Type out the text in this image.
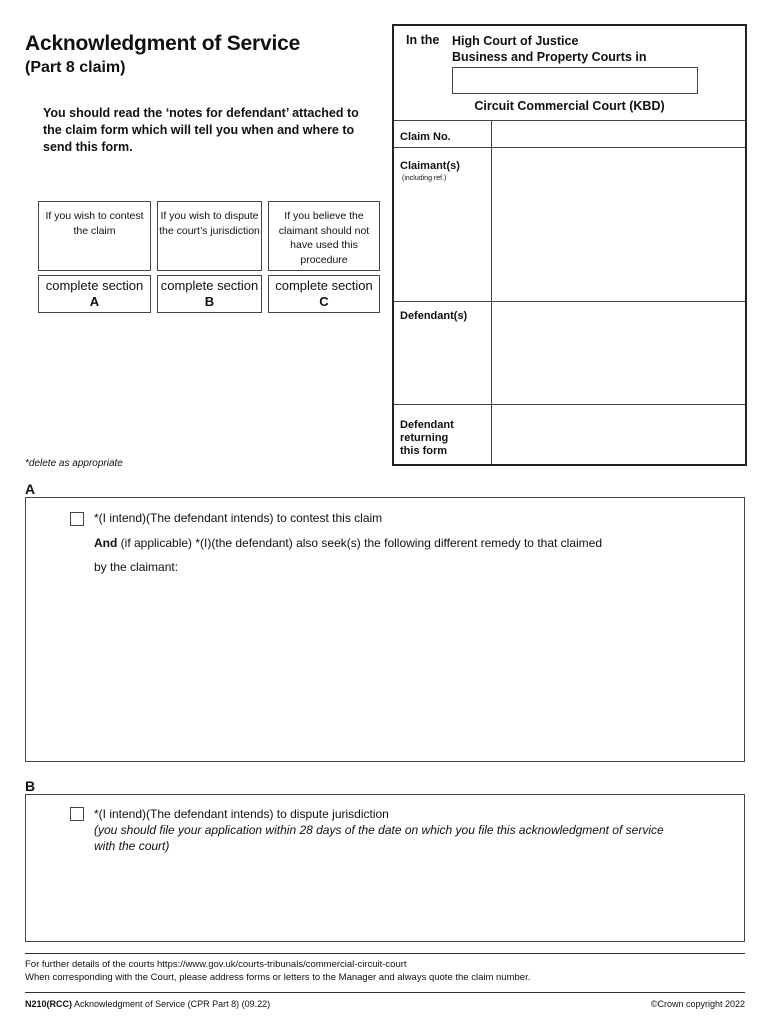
Acknowledgment of Service
(Part 8 claim)
You should read the ‘notes for defendant’ attached to the claim form which will tell you when and where to send this form.
If you wish to contest the claim
If you wish to dispute the court’s jurisdiction
If you believe the claimant should not have used this procedure
complete section
A
complete section
B
complete section
C
*delete as appropriate
In the High Court of Justice
Business and Property Courts in
Circuit Commercial Court (KBD)
Claim No.
Claimant(s)
(including ref.)
Defendant(s)
Defendant
returning
this form
A
*(I intend)(The defendant intends) to contest this claim
And (if applicable) *(I)(the defendant) also seek(s) the following different remedy to that claimed
by the claimant:
B
*(I intend)(The defendant intends) to dispute jurisdiction
(you should file your application within 28 days of the date on which you file this acknowledgment of service
with the court)
For further details of the courts https://www.gov.uk/courts-tribunals/commercial-circuit-court
When corresponding with the Court, please address forms or letters to the Manager and always quote the claim number.
N210(RCC) Acknowledgment of Service (CPR Part 8) (09.22)	©Crown copyright 2022
